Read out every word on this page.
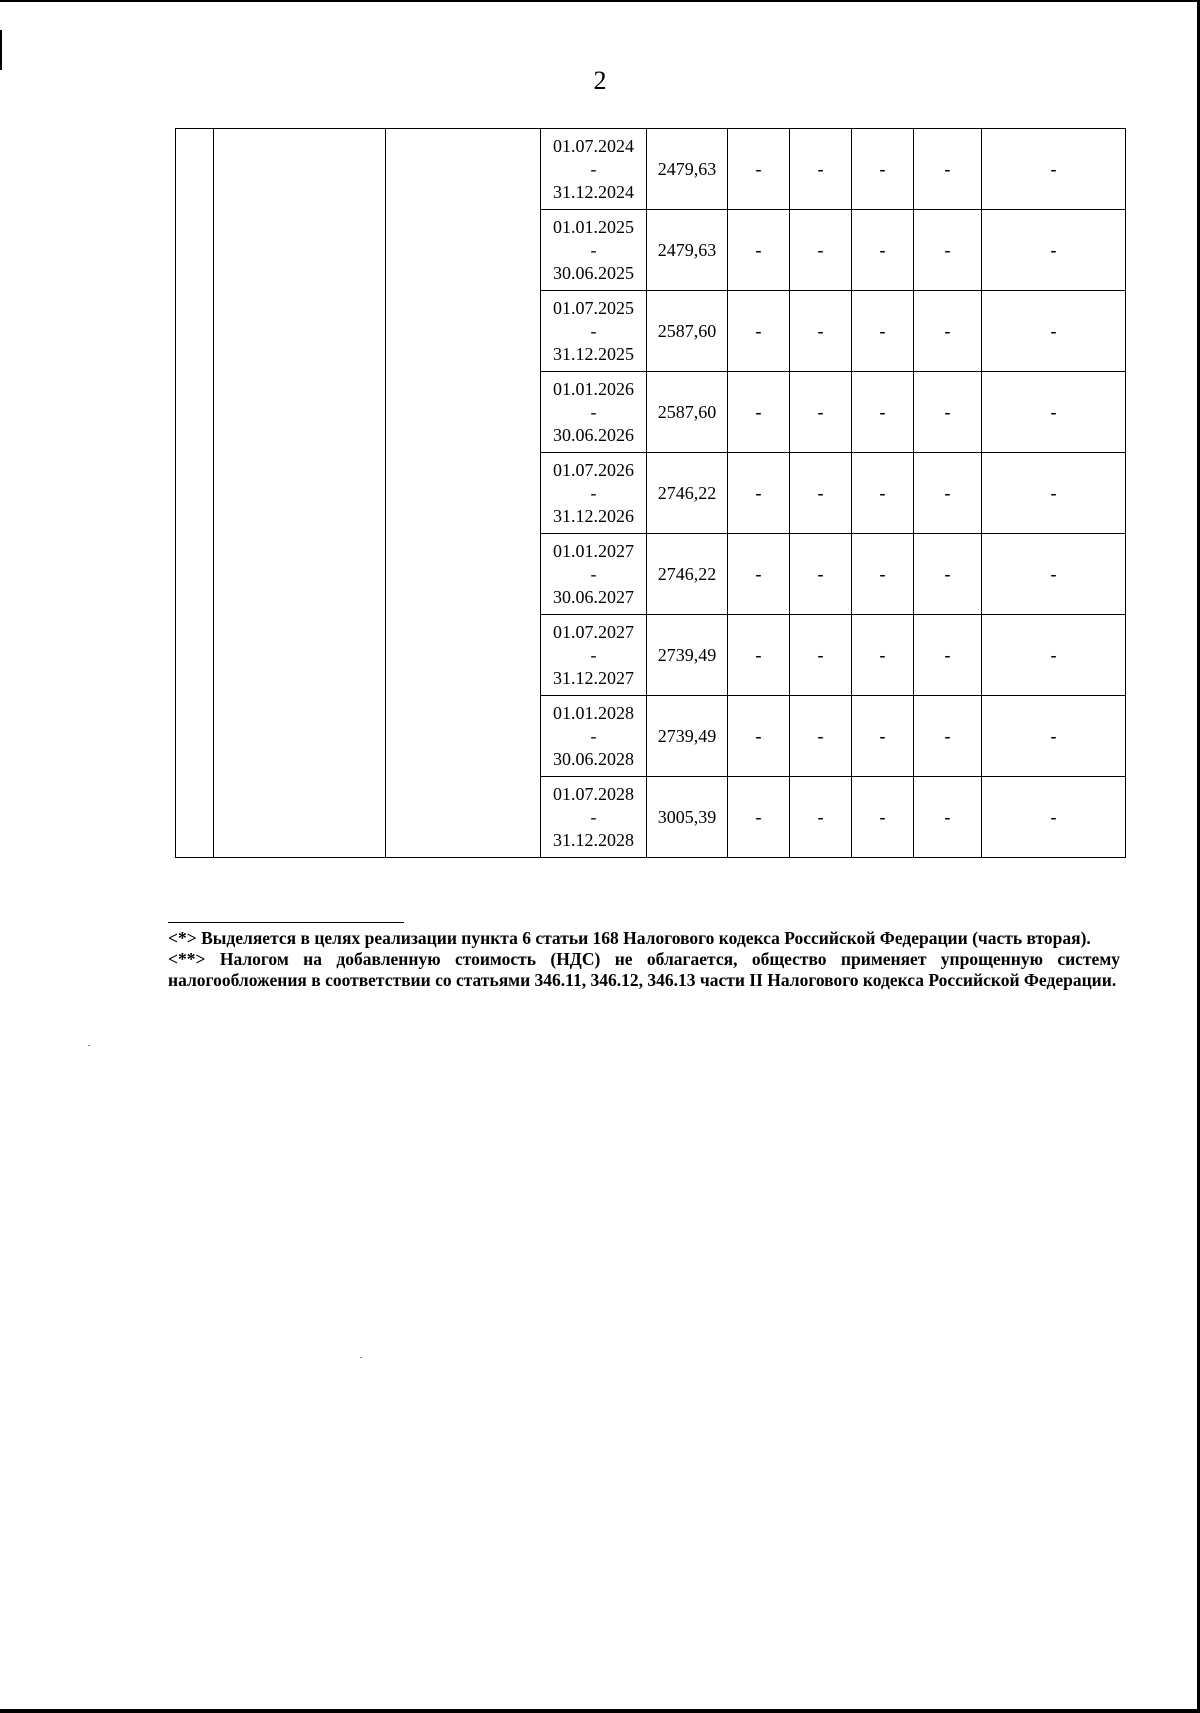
2

			01.07.2024
-
31.12.2024	2479,63	-	-	-	-	-

			01.01.2025
-
30.06.2025	2479,63	-	-	-	-	-

			01.07.2025
-
31.12.2025	2587,60	-	-	-	-	-

			01.01.2026
-
30.06.2026	2587,60	-	-	-	-	-

			01.07.2026
-
31.12.2026	2746,22	-	-	-	-	-

			01.01.2027
-
30.06.2027	2746,22	-	-	-	-	-

			01.07.2027
-
31.12.2027	2739,49	-	-	-	-	-

			01.01.2028
-
30.06.2028	2739,49	-	-	-	-	-

			01.07.2028
-
31.12.2028	3005,39	-	-	-	-	-

<*> Выделяется в целях реализации пункта 6 статьи 168 Налогового кодекса Российской Федерации (часть вторая).

<**> Налогом на добавленную стоимость (НДС) не облагается, общество применяет упрощенную систему налогообложения в соответствии со статьями 346.11, 346.12, 346.13 части II Налогового кодекса Российской Федерации.
